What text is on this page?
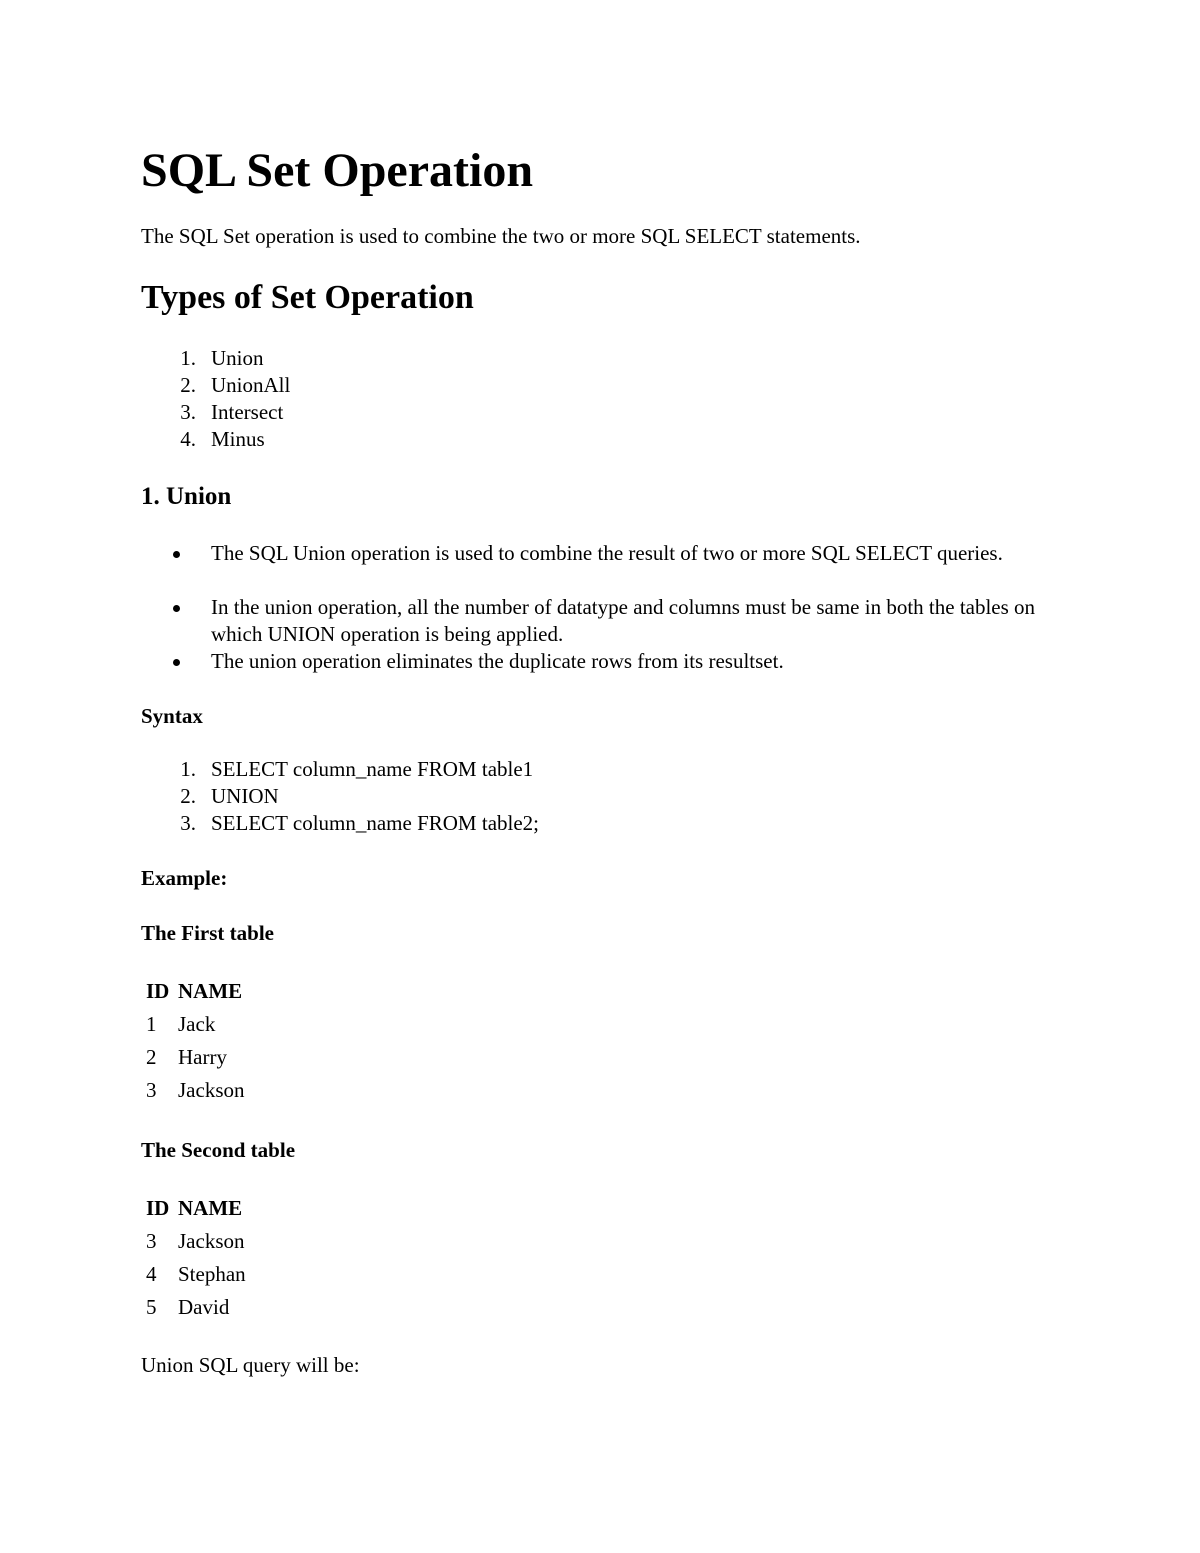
SQL Set Operation
The SQL Set operation is used to combine the two or more SQL SELECT statements.
Types of Set Operation
1. Union
2. UnionAll
3. Intersect
4. Minus
1. Union
The SQL Union operation is used to combine the result of two or more SQL SELECT queries.
In the union operation, all the number of datatype and columns must be same in both the tables on which UNION operation is being applied.
The union operation eliminates the duplicate rows from its resultset.
Syntax
1. SELECT column_name FROM table1
2. UNION
3. SELECT column_name FROM table2;
Example:
The First table
ID	NAME
1	Jack
2	Harry
3	Jackson
The Second table
ID	NAME
3	Jackson
4	Stephan
5	David
Union SQL query will be:
